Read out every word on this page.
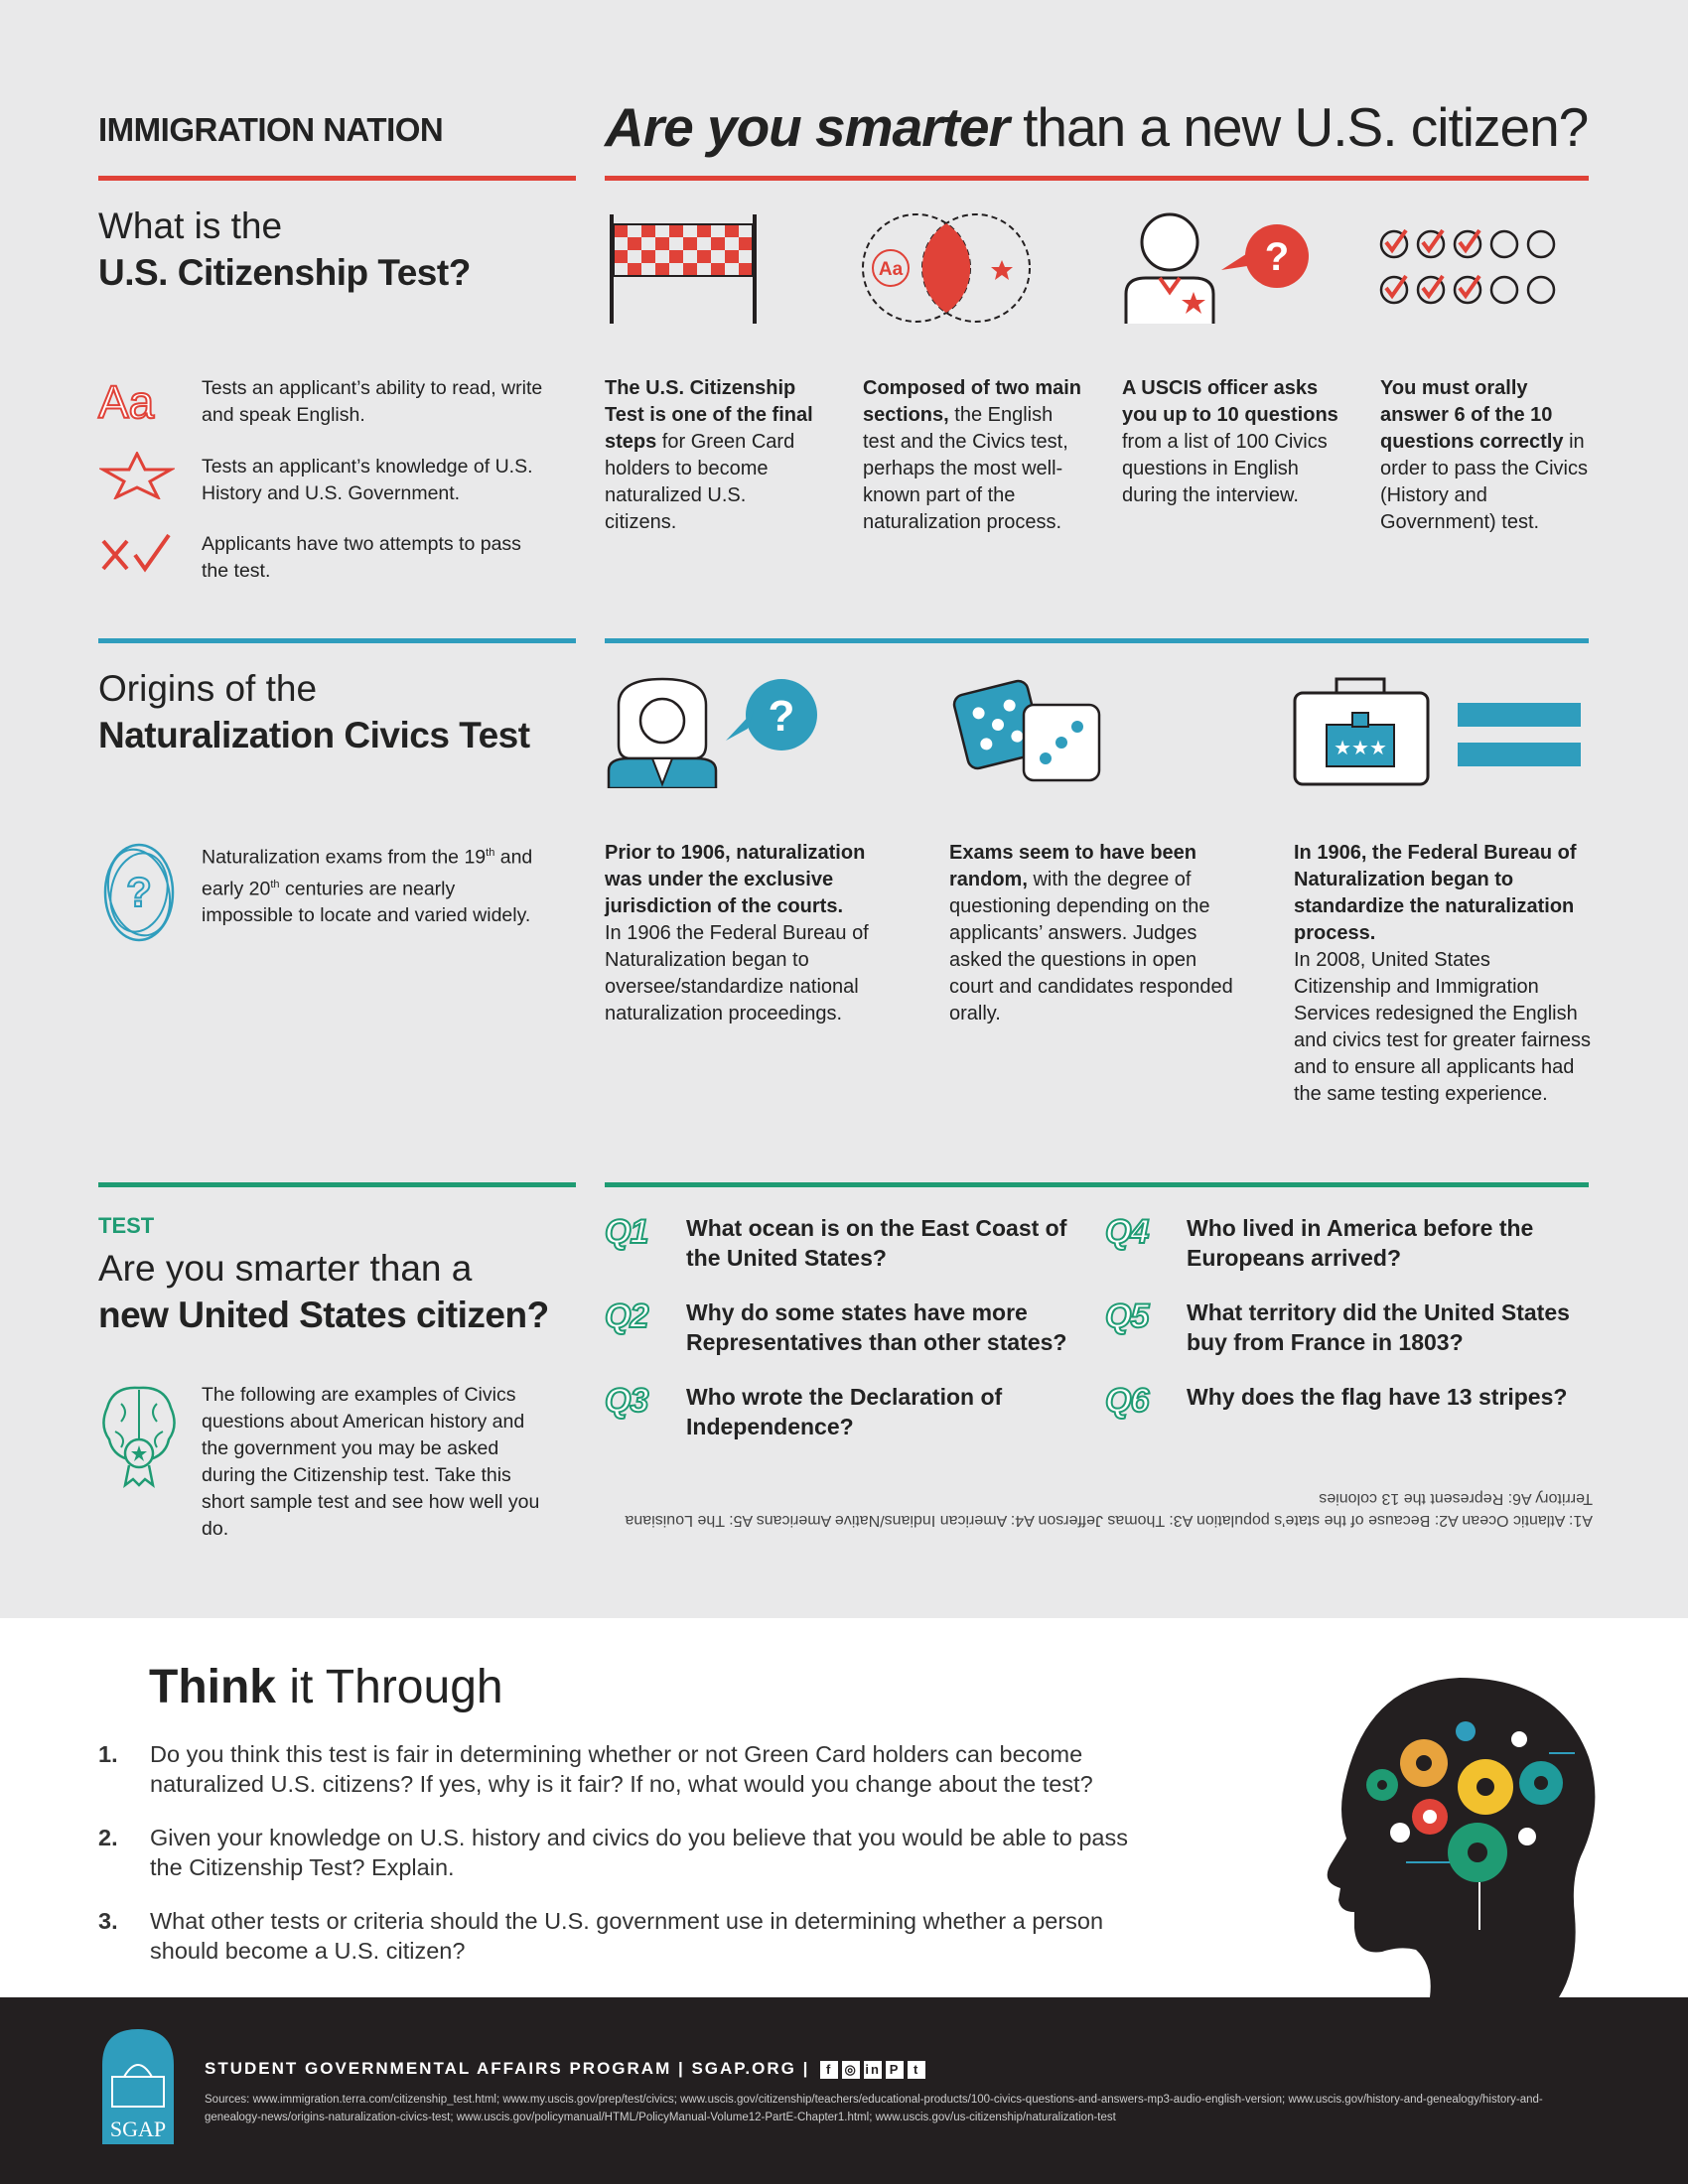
IMMIGRATION NATION	Are you smarter than a new U.S. citizen?
What is the
U.S. Citizenship Test?
Aa	Tests an applicant’s ability to read, write and speak English.
Tests an applicant’s knowledge of U.S. History and U.S. Government.
Applicants have two attempts to pass the test.
Aa	?
The U.S. Citizenship Test is one of the final steps for Green Card holders to become naturalized U.S. citizens.
Composed of two main sections, the English test and the Civics test, perhaps the most well-known part of the naturalization process.
A USCIS officer asks you up to 10 questions from a list of 100 Civics questions in English during the interview.
You must orally answer 6 of the 10 questions correctly in order to pass the Civics (History and Government) test.
Origins of the
Naturalization Civics Test
?
Naturalization exams from the 19th and early 20th centuries are nearly impossible to locate and varied widely.
?
★★★
Prior to 1906, naturalization was under the exclusive jurisdiction of the courts.
In 1906 the Federal Bureau of Naturalization began to oversee/standardize national naturalization proceedings.
Exams seem to have been random, with the degree of questioning depending on the applicants’ answers. Judges asked the questions in open court and candidates responded orally.
In 1906, the Federal Bureau of Naturalization began to standardize the naturalization process.
In 2008, United States Citizenship and Immigration Services redesigned the English and civics test for greater fairness and to ensure all applicants had the same testing experience.
TEST
Are you smarter than a
new United States citizen?
The following are examples of Civics questions about American history and the government you may be asked during the Citizenship test. Take this short sample test and see how well you do.
Q1 What ocean is on the East Coast of the United States?
Q2 Why do some states have more Representatives than other states?
Q3 Who wrote the Declaration of Independence?
Q4 Who lived in America before the Europeans arrived?
Q5 What territory did the United States buy from France in 1803?
Q6 Why does the flag have 13 stripes?
A1: Atlantic Ocean A2: Because of the state’s population A3: Thomas Jefferson A4: American Indians/Native Americans A5: The Louisiana Territory A6: Represent the 13 colonies
Think it Through
1. Do you think this test is fair in determining whether or not Green Card holders can become naturalized U.S. citizens? If yes, why is it fair? If no, what would you change about the test?
2. Given your knowledge on U.S. history and civics do you believe that you would be able to pass the Citizenship Test? Explain.
3. What other tests or criteria should the U.S. government use in determining whether a person should become a U.S. citizen?
SGAP
STUDENT GOVERNMENTAL AFFAIRS PROGRAM | SGAP.ORG | f ◎ in P t
Sources: www.immigration.terra.com/citizenship_test.html; www.my.uscis.gov/prep/test/civics; www.uscis.gov/citizenship/teachers/educational-products/100-civics-questions-and-answers-mp3-audio-english-version; www.uscis.gov/history-and-genealogy/history-and-genealogy-news/origins-naturalization-civics-test; www.uscis.gov/policymanual/HTML/PolicyManual-Volume12-PartE-Chapter1.html; www.uscis.gov/us-citizenship/naturalization-test
